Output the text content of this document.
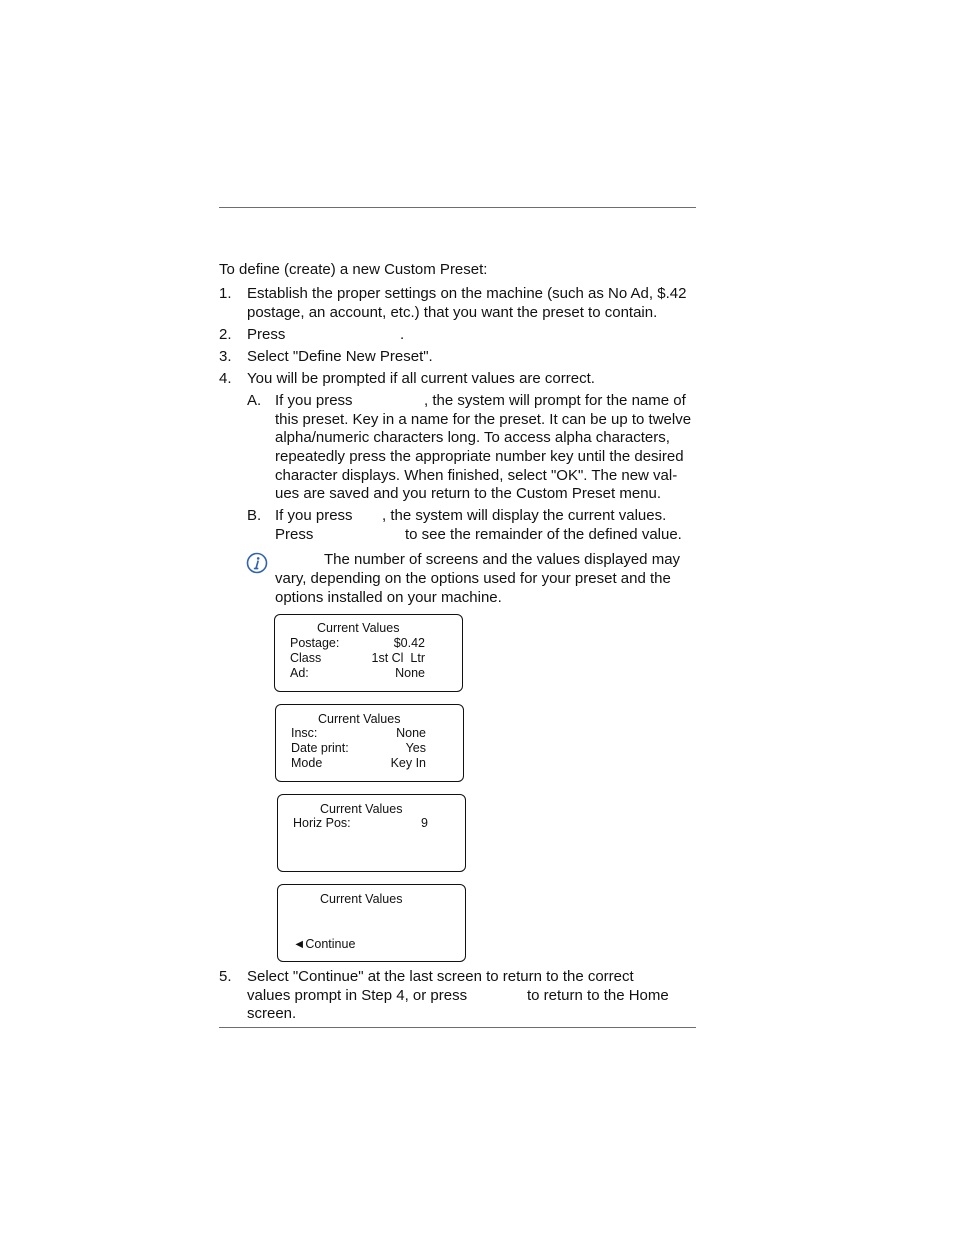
To define (create) a new Custom Preset:
1. Establish the proper settings on the machine (such as No Ad, $.42
postage, an account, etc.) that you want the preset to contain.
2. Press	.
3. Select "Define New Preset".
4. You will be prompted if all current values are correct.
A. If you press	, the system will prompt for the name of
this preset. Key in a name for the preset. It can be up to twelve
alpha/numeric characters long. To access alpha characters,
repeatedly press the appropriate number key until the desired
character displays. When finished, select "OK". The new val-
ues are saved and you return to the Custom Preset menu.
B. If you press , the system will display the current values.
Press	to see the remainder of the defined value.
The number of screens and the values displayed may
vary, depending on the options used for your preset and the
options installed on your machine.
Current Values
Postage:	$0.42
Class	1st Cl  Ltr
Ad:	None
Current Values
Insc:	None
Date print:	Yes
Mode	Key In
Current Values
Horiz Pos:	9
Current Values
◄Continue
5. Select "Continue" at the last screen to return to the correct
values prompt in Step 4, or press	to return to the Home
screen.
